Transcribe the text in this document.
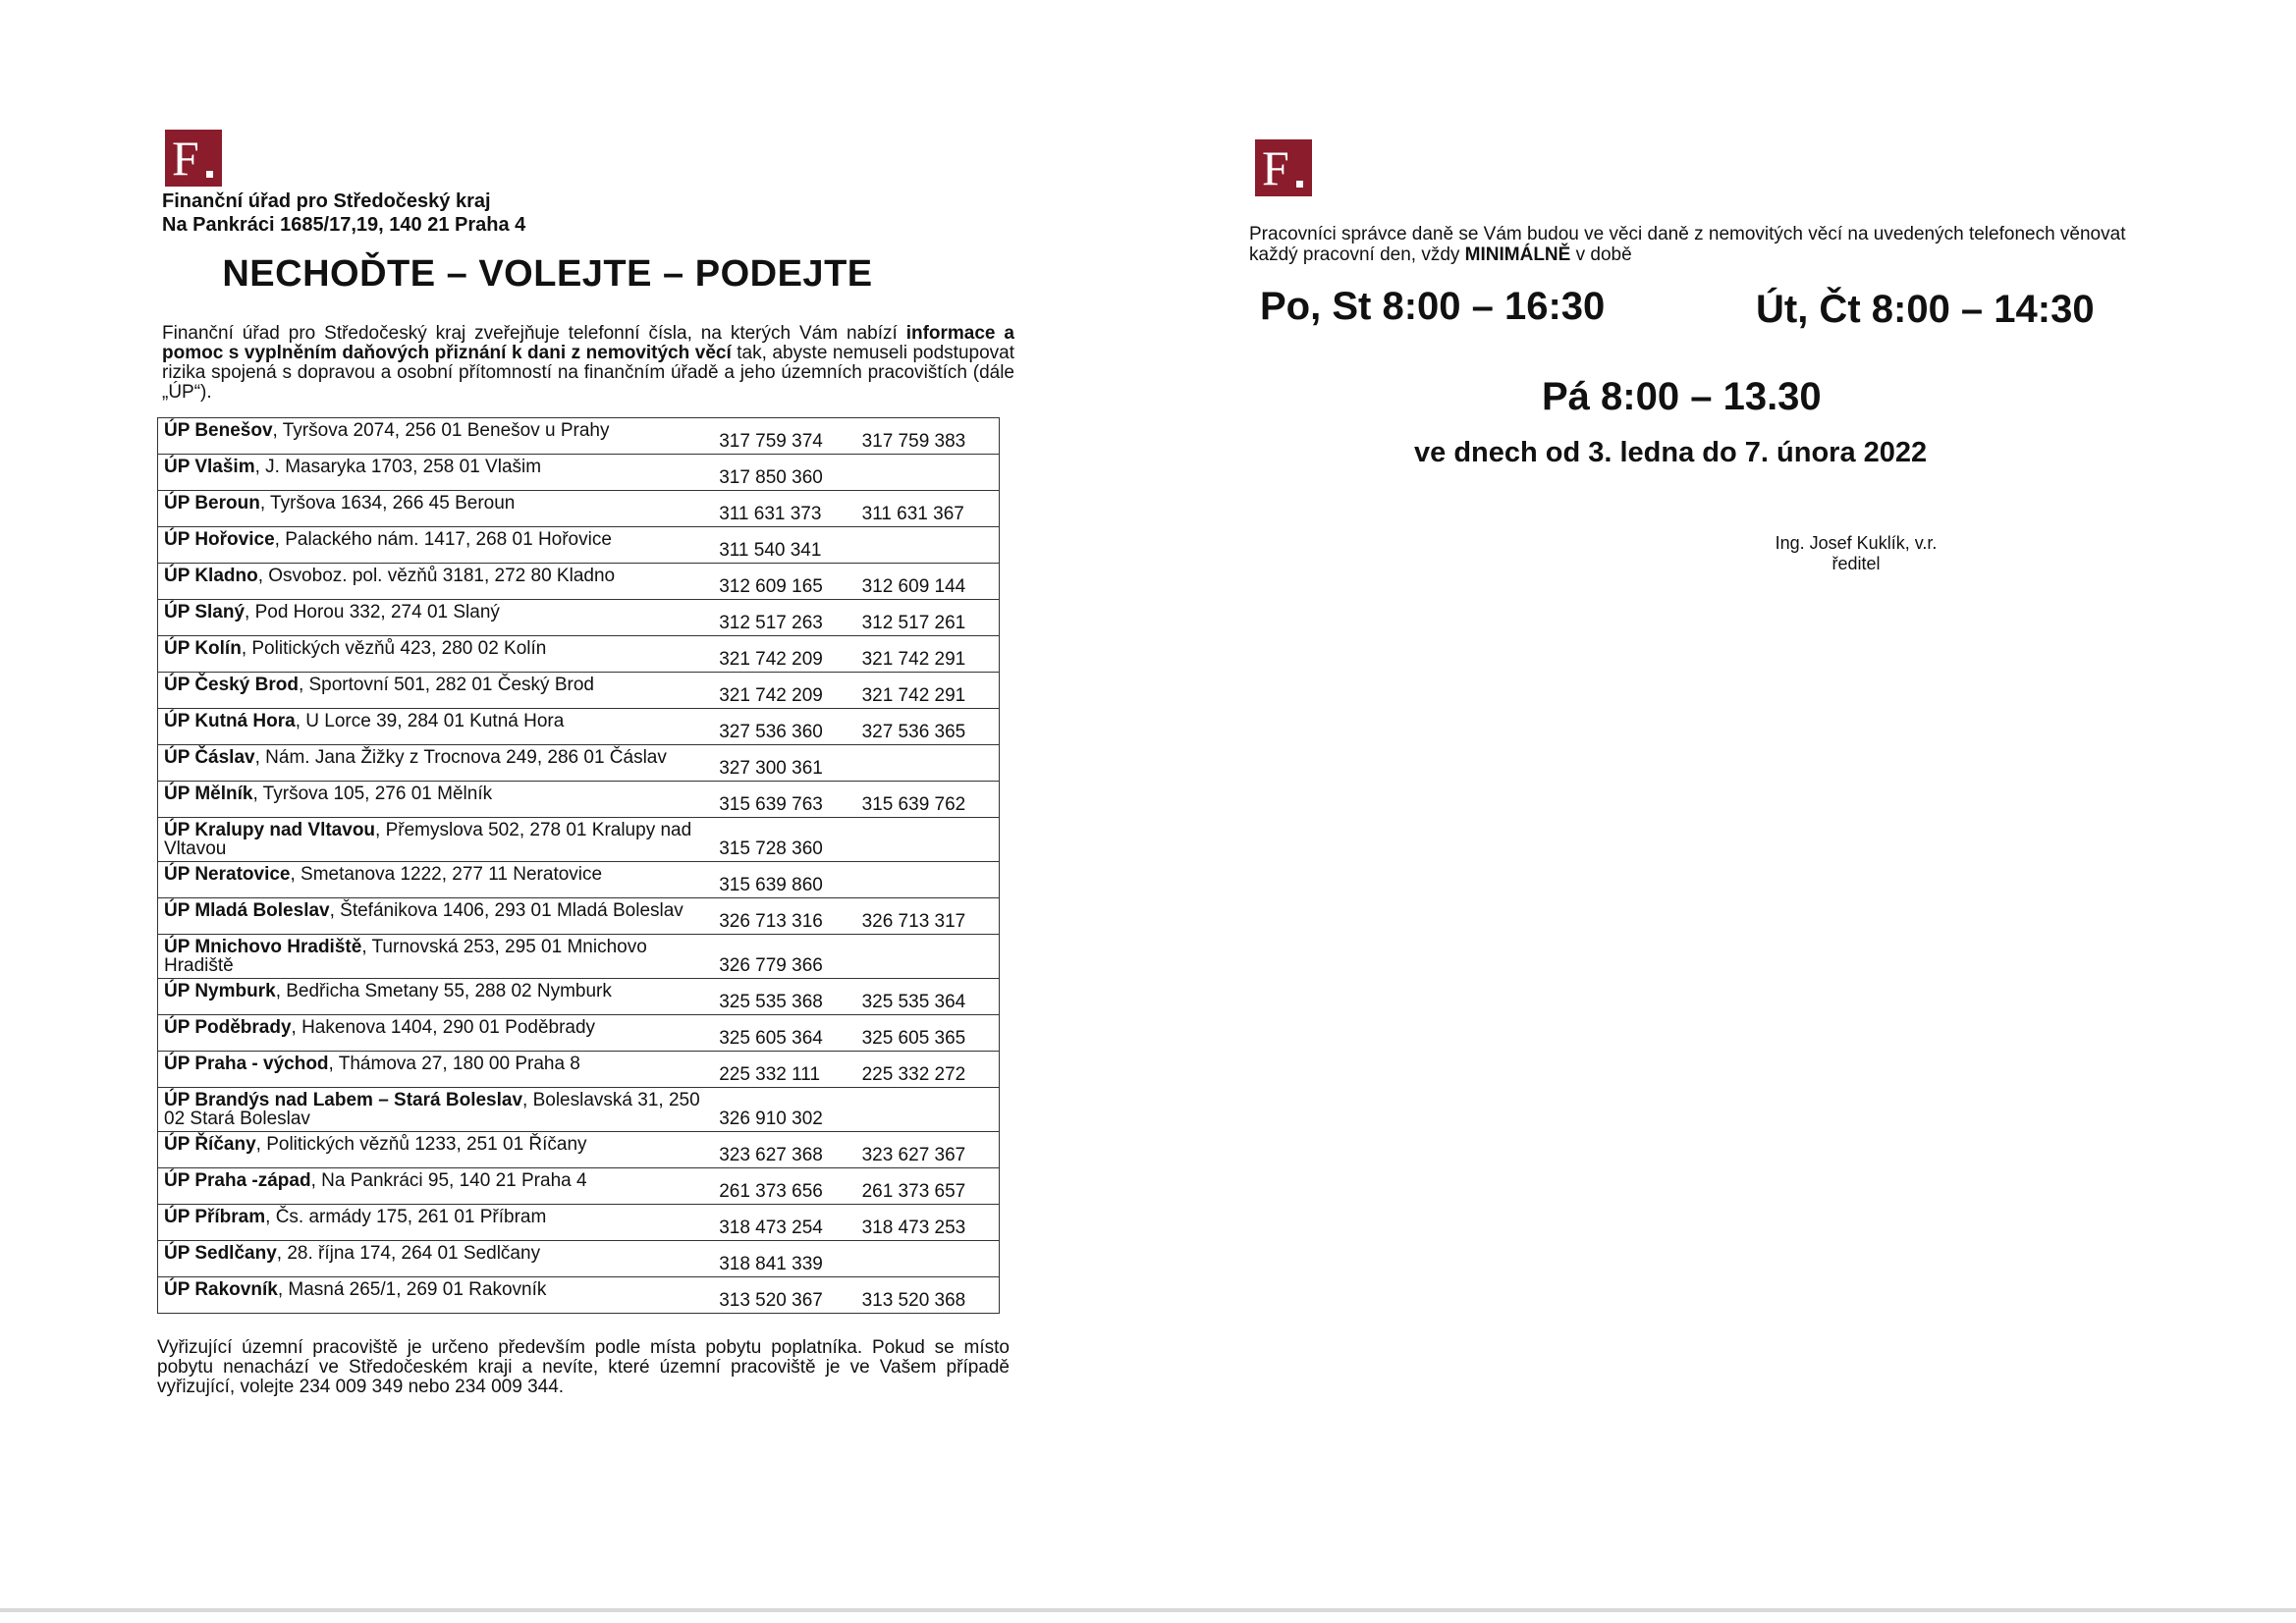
F
Finanční úřad pro Středočeský kraj
Na Pankráci 1685/17,19, 140 21 Praha 4
NECHOĎTE – VOLEJTE – PODEJTE
Finanční úřad pro Středočeský kraj zveřejňuje telefonní čísla, na kterých Vám nabízí informace a pomoc s vyplněním daňových přiznání k dani z nemovitých věcí tak, abyste nemuseli podstupovat rizika spojená s dopravou a osobní přítomností na finančním úřadě a jeho územních pracovištích (dále „ÚP“).
ÚP Benešov, Tyršova 2074, 256 01 Benešov u Prahy	317 759 374	317 759 383
ÚP Vlašim, J. Masaryka 1703, 258 01 Vlašim	317 850 360	
ÚP Beroun, Tyršova 1634, 266 45 Beroun	311 631 373	311 631 367
ÚP Hořovice, Palackého nám. 1417, 268 01 Hořovice	311 540 341	
ÚP Kladno, Osvoboz. pol. vězňů 3181, 272 80 Kladno	312 609 165	312 609 144
ÚP Slaný, Pod Horou 332, 274 01 Slaný	312 517 263	312 517 261
ÚP Kolín, Politických vězňů 423, 280 02 Kolín	321 742 209	321 742 291
ÚP Český Brod, Sportovní 501, 282 01 Český Brod	321 742 209	321 742 291
ÚP Kutná Hora, U Lorce 39, 284 01 Kutná Hora	327 536 360	327 536 365
ÚP Čáslav, Nám. Jana Žižky z Trocnova 249, 286 01 Čáslav	327 300 361	
ÚP Mělník, Tyršova 105, 276 01 Mělník	315 639 763	315 639 762
ÚP Kralupy nad Vltavou, Přemyslova 502, 278 01 Kralupy nad Vltavou	315 728 360	
ÚP Neratovice, Smetanova 1222, 277 11 Neratovice	315 639 860	
ÚP Mladá Boleslav, Štefánikova 1406, 293 01 Mladá Boleslav	326 713 316	326 713 317
ÚP Mnichovo Hradiště, Turnovská 253, 295 01 Mnichovo Hradiště	326 779 366	
ÚP Nymburk, Bedřicha Smetany 55, 288 02 Nymburk	325 535 368	325 535 364
ÚP Poděbrady, Hakenova 1404, 290 01 Poděbrady	325 605 364	325 605 365
ÚP Praha - východ, Thámova 27, 180 00 Praha 8	225 332 111	225 332 272
ÚP Brandýs nad Labem – Stará Boleslav, Boleslavská 31, 250 02 Stará Boleslav	326 910 302	
ÚP Říčany, Politických vězňů 1233, 251 01 Říčany	323 627 368	323 627 367
ÚP Praha -západ, Na Pankráci 95, 140 21 Praha 4	261 373 656	261 373 657
ÚP Příbram, Čs. armády 175, 261 01 Příbram	318 473 254	318 473 253
ÚP Sedlčany, 28. října 174, 264 01 Sedlčany	318 841 339	
ÚP Rakovník, Masná 265/1, 269 01 Rakovník	313 520 367	313 520 368
Vyřizující územní pracoviště je určeno především podle místa pobytu poplatníka. Pokud se místo pobytu nenachází ve Středočeském kraji a nevíte, které územní pracoviště je ve Vašem případě vyřizující, volejte 234 009 349 nebo 234 009 344.
F
Pracovníci správce daně se Vám budou ve věci daně z nemovitých věcí na uvedených telefonech věnovat každý pracovní den, vždy MINIMÁLNĚ v době
Po, St 8:00 – 16:30	Út, Čt 8:00 – 14:30
Pá 8:00 – 13.30
ve dnech od 3. ledna do 7. února 2022
Ing. Josef Kuklík, v.r.
ředitel
